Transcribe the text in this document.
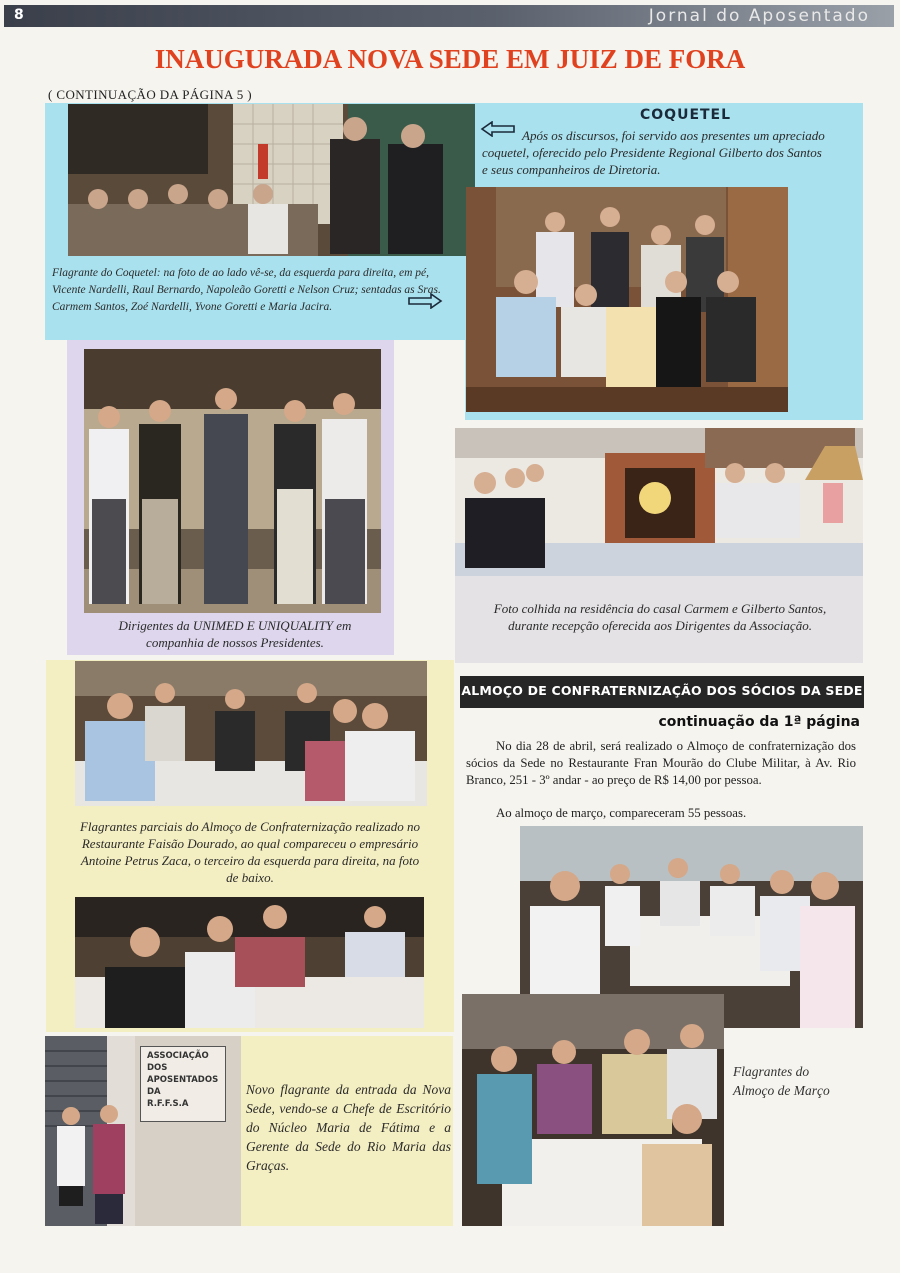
8	Jornal do Aposentado
INAUGURADA NOVA SEDE EM JUIZ DE FORA
( CONTINUAÇÃO DA PÁGINA 5 )
COQUETEL
Após os discursos, foi servido aos presentes um apreciado coquetel, oferecido pelo Presidente Regional Gilberto dos Santos e seus companheiros de Diretoria.
Flagrante do Coquetel: na foto de ao lado vê-se, da esquerda para direita, em pé, Vicente Nardelli, Raul Bernardo, Napoleão Goretti e Nelson Cruz; sentadas as Sras. Carmem Santos, Zoé Nardelli, Yvone Goretti e Maria Jacira.
Dirigentes da UNIMED E UNIQUALITY em companhia de nossos Presidentes.
Foto colhida na residência do casal Carmem e Gilberto Santos, durante recepção oferecida aos Dirigentes da Associação.
Flagrantes parciais do Almoço de Confraternização realizado no Restaurante Faisão Dourado, ao qual compareceu o empresário Antoine Petrus Zaca, o terceiro da esquerda para direita, na foto de baixo.
ALMOÇO DE CONFRATERNIZAÇÃO DOS SÓCIOS DA SEDE
continuação da 1ª página
No dia 28 de abril, será realizado o Almoço de confraternização dos sócios da Sede no Restaurante Fran Mourão do Clube Militar, à Av. Rio Branco, 251 - 3º andar - ao preço de R$ 14,00 por pessoa.
Ao almoço de março, compareceram 55 pessoas.
Flagrantes do Almoço de Março
ASSOCIAÇÃO
DOS
APOSENTADOS
DA
R.F.F.S.A
Novo flagrante da entrada da Nova Sede, vendo-se a Chefe de Escritório do Núcleo Maria de Fátima e a Gerente da Sede do Rio Maria das Graças.
